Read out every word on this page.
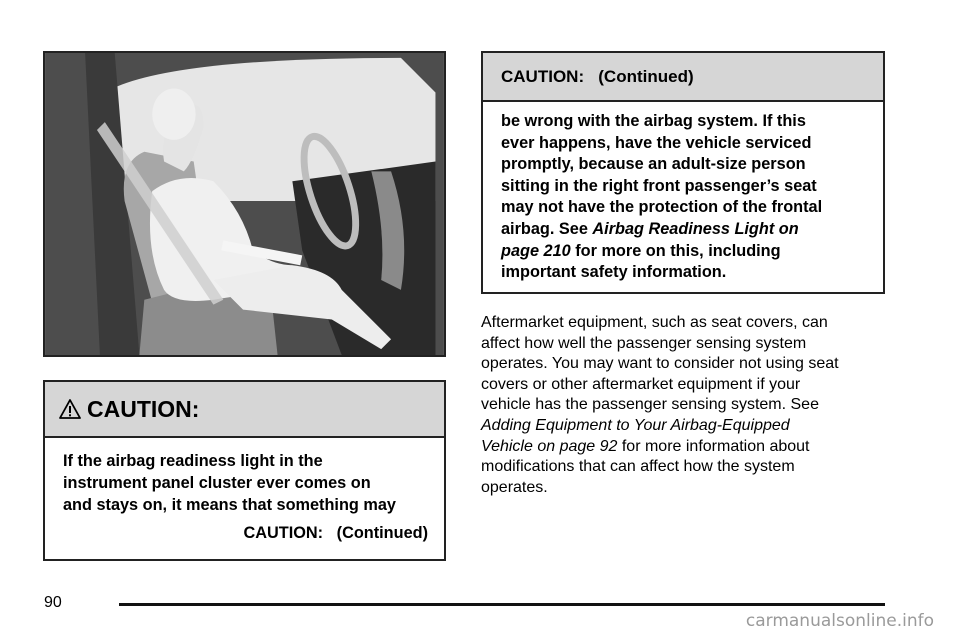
CAUTION:
If the airbag readiness light in the
instrument panel cluster ever comes on
and stays on, it means that something may
CAUTION:   (Continued)
CAUTION:   (Continued)
be wrong with the airbag system. If this
ever happens, have the vehicle serviced
promptly, because an adult-size person
sitting in the right front passenger’s seat
may not have the protection of the frontal
airbag. See Airbag Readiness Light on
page 210 for more on this, including
important safety information.
Aftermarket equipment, such as seat covers, can
affect how well the passenger sensing system
operates. You may want to consider not using seat
covers or other aftermarket equipment if your
vehicle has the passenger sensing system. See
Adding Equipment to Your Airbag-Equipped
Vehicle on page 92 for more information about
modifications that can affect how the system
operates.
90
carmanualsonline.info
